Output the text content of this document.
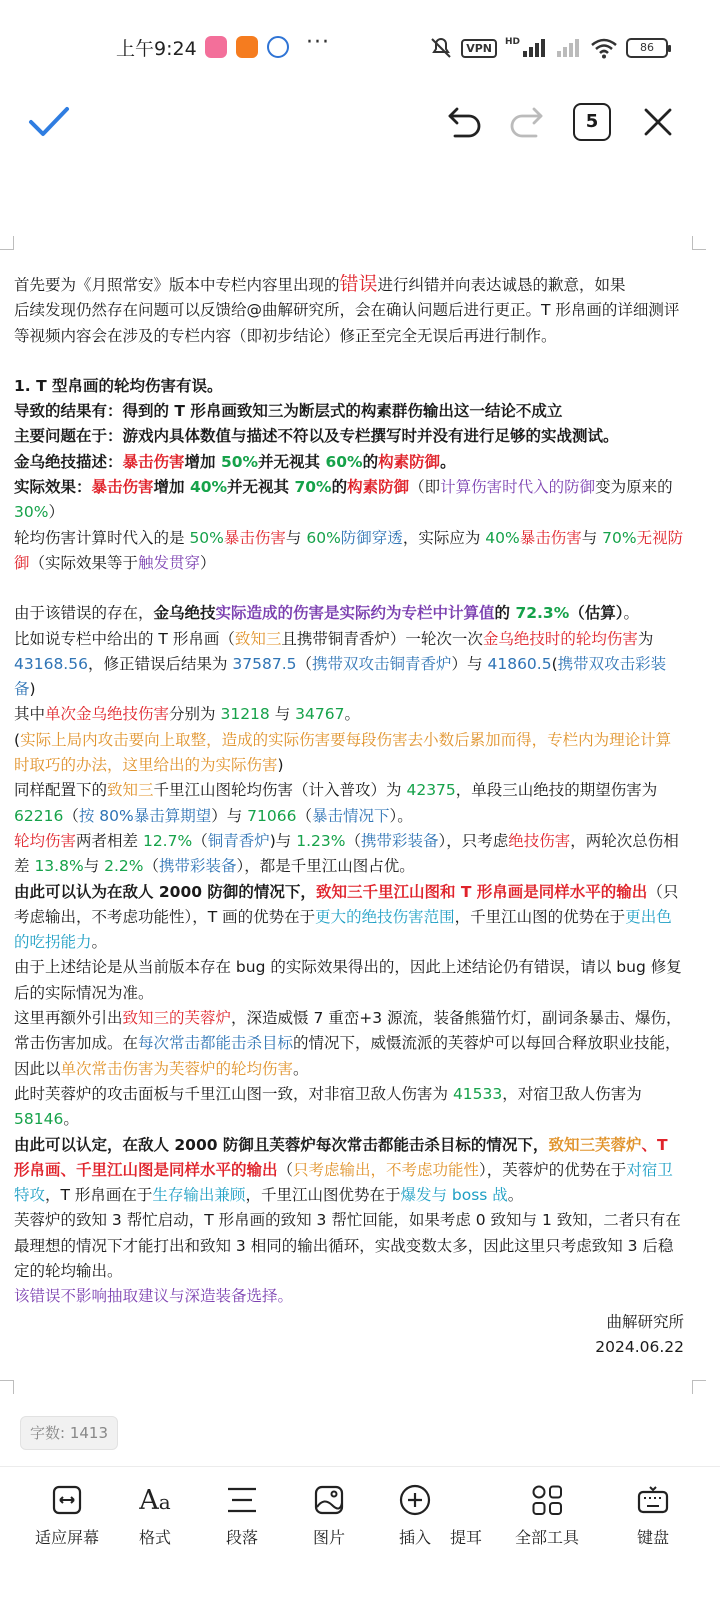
上午9:24	···	VPN	HD	86
5

首先要为《月照常安》版本中专栏内容里出现的错误进行纠错并向表达诚恳的歉意，如果

后续发现仍然存在问题可以反馈给@曲解研究所，会在确认问题后进行更正。T 形帛画的详细测评等视频内容会在涉及的专栏内容（即初步结论）修正至完全无误后再进行制作。

1. T 型帛画的轮均伤害有误。

导致的结果有：得到的 T 形帛画致知三为断层式的构素群伤输出这一结论不成立

主要问题在于：游戏内具体数值与描述不符以及专栏撰写时并没有进行足够的实战测试。

金乌绝技描述：暴击伤害增加 50%并无视其 60%的构素防御。

实际效果：暴击伤害增加 40%并无视其 70%的构素防御（即计算伤害时代入的防御变为原来的 30%）

轮均伤害计算时代入的是 50%暴击伤害与 60%防御穿透，实际应为 40%暴击伤害与 70%无视防御（实际效果等于触发贯穿）

由于该错误的存在，金乌绝技实际造成的伤害是实际约为专栏中计算值的 72.3%（估算）。

比如说专栏中给出的 T 形帛画（致知三且携带铜青香炉）一轮次一次金乌绝技时的轮均伤害为 43168.56，修正错误后结果为 37587.5（携带双攻击铜青香炉）与 41860.5(携带双攻击彩装备)

其中单次金乌绝技伤害分别为 31218 与 34767。

(实际上局内攻击要向上取整，造成的实际伤害要每段伤害去小数后累加而得，专栏内为理论计算时取巧的办法，这里给出的为实际伤害)

同样配置下的致知三千里江山图轮均伤害（计入普攻）为 42375，单段三山绝技的期望伤害为 62216（按 80%暴击算期望）与 71066（暴击情况下）。

轮均伤害两者相差 12.7%（铜青香炉)与 1.23%（携带彩装备），只考虑绝技伤害，两轮次总伤相差 13.8%与 2.2%（携带彩装备），都是千里江山图占优。

由此可以认为在敌人 2000 防御的情况下，致知三千里江山图和 T 形帛画是同样水平的输出（只考虑输出，不考虑功能性），T 画的优势在于更大的绝技伤害范围，千里江山图的优势在于更出色的吃拐能力。

由于上述结论是从当前版本存在 bug 的实际效果得出的，因此上述结论仍有错误，请以 bug 修复后的实际情况为准。

这里再额外引出致知三的芙蓉炉，深造威慑 7 重峦+3 源流，装备熊猫竹灯，副词条暴击、爆伤，常击伤害加成。在每次常击都能击杀目标的情况下，威慑流派的芙蓉炉可以每回合释放职业技能，因此以单次常击伤害为芙蓉炉的轮均伤害。

此时芙蓉炉的攻击面板与千里江山图一致，对非宿卫敌人伤害为 41533，对宿卫敌人伤害为 58146。

由此可以认定，在敌人 2000 防御且芙蓉炉每次常击都能击杀目标的情况下，致知三芙蓉炉、T 形帛画、千里江山图是同样水平的输出（只考虑输出，不考虑功能性），芙蓉炉的优势在于对宿卫特攻，T 形帛画在于生存输出兼顾，千里江山图优势在于爆发与 boss 战。

芙蓉炉的致知 3 帮忙启动，T 形帛画的致知 3 帮忙回能，如果考虑 0 致知与 1 致知，二者只有在最理想的情况下才能打出和致知 3 相同的输出循环，实战变数太多，因此这里只考虑致知 3 后稳定的轮均输出。

该错误不影响抽取建议与深造装备选择。

曲解研究所

2024.06.22

字数: 1413
适应屏幕
Aa
格式	段落	图片	插入	提耳	全部工具	键盘
